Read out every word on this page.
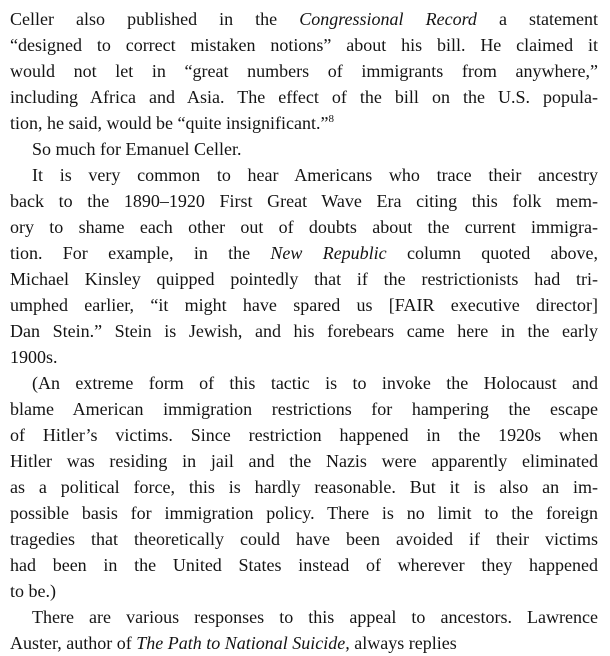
Celler also published in the Congressional Record a statement
“designed to correct mistaken notions” about his bill. He claimed it
would not let in “great numbers of immigrants from anywhere,”
including Africa and Asia. The effect of the bill on the U.S. popula-
tion, he said, would be “quite insignificant.”$^8$
So much for Emanuel Celler.
It is very common to hear Americans who trace their ancestry
back to the 1890–1920 First Great Wave Era citing this folk mem-
ory to shame each other out of doubts about the current immigra-
tion. For example, in the New Republic column quoted above,
Michael Kinsley quipped pointedly that if the restrictionists had tri-
umphed earlier, “it might have spared us [FAIR executive director]
Dan Stein.” Stein is Jewish, and his forebears came here in the early
1900s.
(An extreme form of this tactic is to invoke the Holocaust and
blame American immigration restrictions for hampering the escape
of Hitler’s victims. Since restriction happened in the 1920s when
Hitler was residing in jail and the Nazis were apparently eliminated
as a political force, this is hardly reasonable. But it is also an im-
possible basis for immigration policy. There is no limit to the foreign
tragedies that theoretically could have been avoided if their victims
had been in the United States instead of wherever they happened
to be.)
There are various responses to this appeal to ancestors. Lawrence
Auster, author of The Path to National Suicide, always replies
